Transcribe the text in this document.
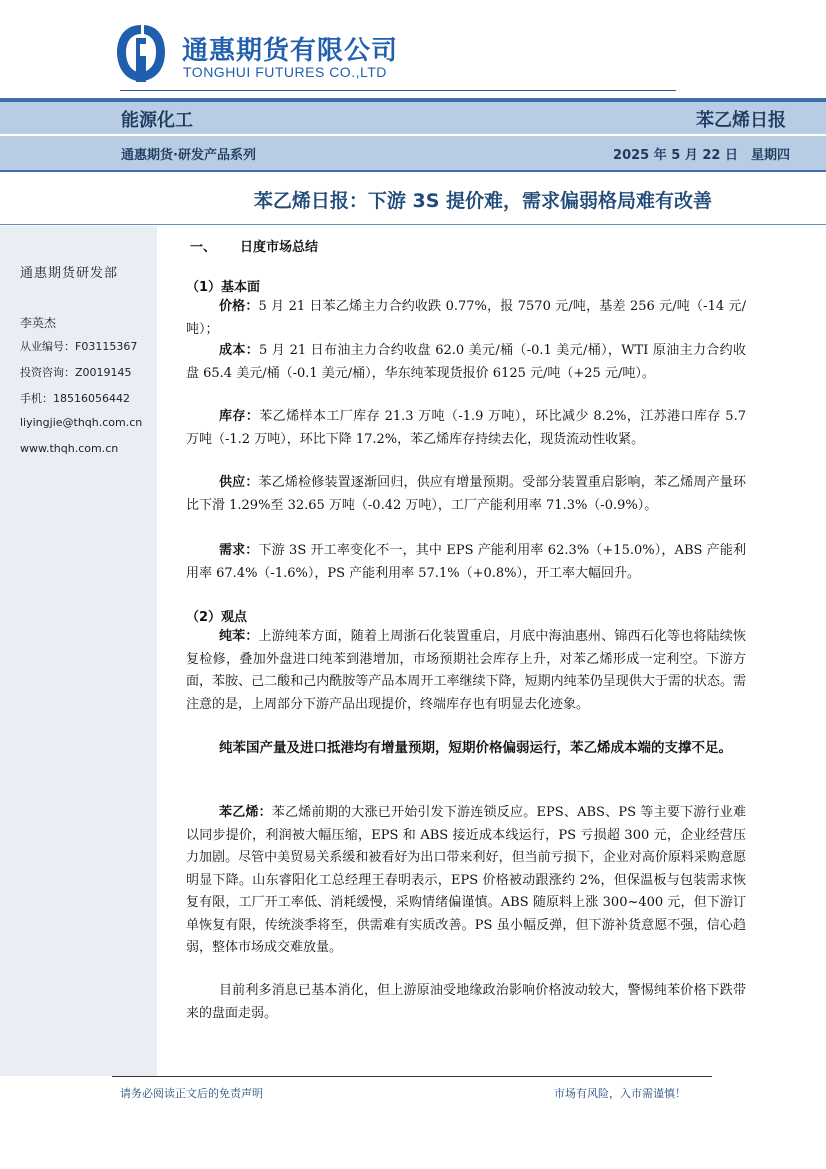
通惠期货有限公司
TONGHUI FUTURES CO.,LTD
能源化工	苯乙烯日报
通惠期货·研发产品系列	2025 年 5 月 22 日　星期四
苯乙烯日报：下游 3S 提价难，需求偏弱格局难有改善
通惠期货研发部
李英杰
从业编号：F03115367
投资咨询：Z0019145
手机：18516056442
liyingjie@thqh.com.cn
www.thqh.com.cn
一、 日度市场总结
（1）基本面
价格：5 月 21 日苯乙烯主力合约收跌 0.77%，报 7570 元/吨，基差 256 元/吨（-14 元/吨）；
成本：5 月 21 日布油主力合约收盘 62.0 美元/桶（-0.1 美元/桶），WTI 原油主力合约收盘 65.4 美元/桶（-0.1 美元/桶），华东纯苯现货报价 6125 元/吨（+25 元/吨）。
库存：苯乙烯样本工厂库存 21.3 万吨（-1.9 万吨），环比减少 8.2%，江苏港口库存 5.7 万吨（-1.2 万吨），环比下降 17.2%，苯乙烯库存持续去化，现货流动性收紧。
供应：苯乙烯检修装置逐渐回归，供应有增量预期。受部分装置重启影响，苯乙烯周产量环比下滑 1.29%至 32.65 万吨（-0.42 万吨），工厂产能利用率 71.3%（-0.9%）。
需求：下游 3S 开工率变化不一，其中 EPS 产能利用率 62.3%（+15.0%），ABS 产能利用率 67.4%（-1.6%），PS 产能利用率 57.1%（+0.8%），开工率大幅回升。
（2）观点
纯苯：上游纯苯方面，随着上周浙石化装置重启，月底中海油惠州、锦西石化等也将陆续恢复检修，叠加外盘进口纯苯到港增加，市场预期社会库存上升，对苯乙烯形成一定利空。下游方面，苯胺、己二酸和己内酰胺等产品本周开工率继续下降，短期内纯苯仍呈现供大于需的状态。需注意的是，上周部分下游产品出现提价，终端库存也有明显去化迹象。
纯苯国产量及进口抵港均有增量预期，短期价格偏弱运行，苯乙烯成本端的支撑不足。
苯乙烯：苯乙烯前期的大涨已开始引发下游连锁反应。EPS、ABS、PS 等主要下游行业难以同步提价，利润被大幅压缩，EPS 和 ABS 接近成本线运行，PS 亏损超 300 元，企业经营压力加剧。尽管中美贸易关系缓和被看好为出口带来利好，但当前亏损下，企业对高价原料采购意愿明显下降。山东睿阳化工总经理王春明表示，EPS 价格被动跟涨约 2%，但保温板与包装需求恢复有限，工厂开工率低、消耗缓慢，采购情绪偏谨慎。ABS 随原料上涨 300~400 元，但下游订单恢复有限，传统淡季将至，供需难有实质改善。PS 虽小幅反弹，但下游补货意愿不强，信心趋弱，整体市场成交难放量。
目前利多消息已基本消化，但上游原油受地缘政治影响价格波动较大，警惕纯苯价格下跌带来的盘面走弱。
请务必阅读正文后的免责声明	市场有风险，入市需谨慎！
